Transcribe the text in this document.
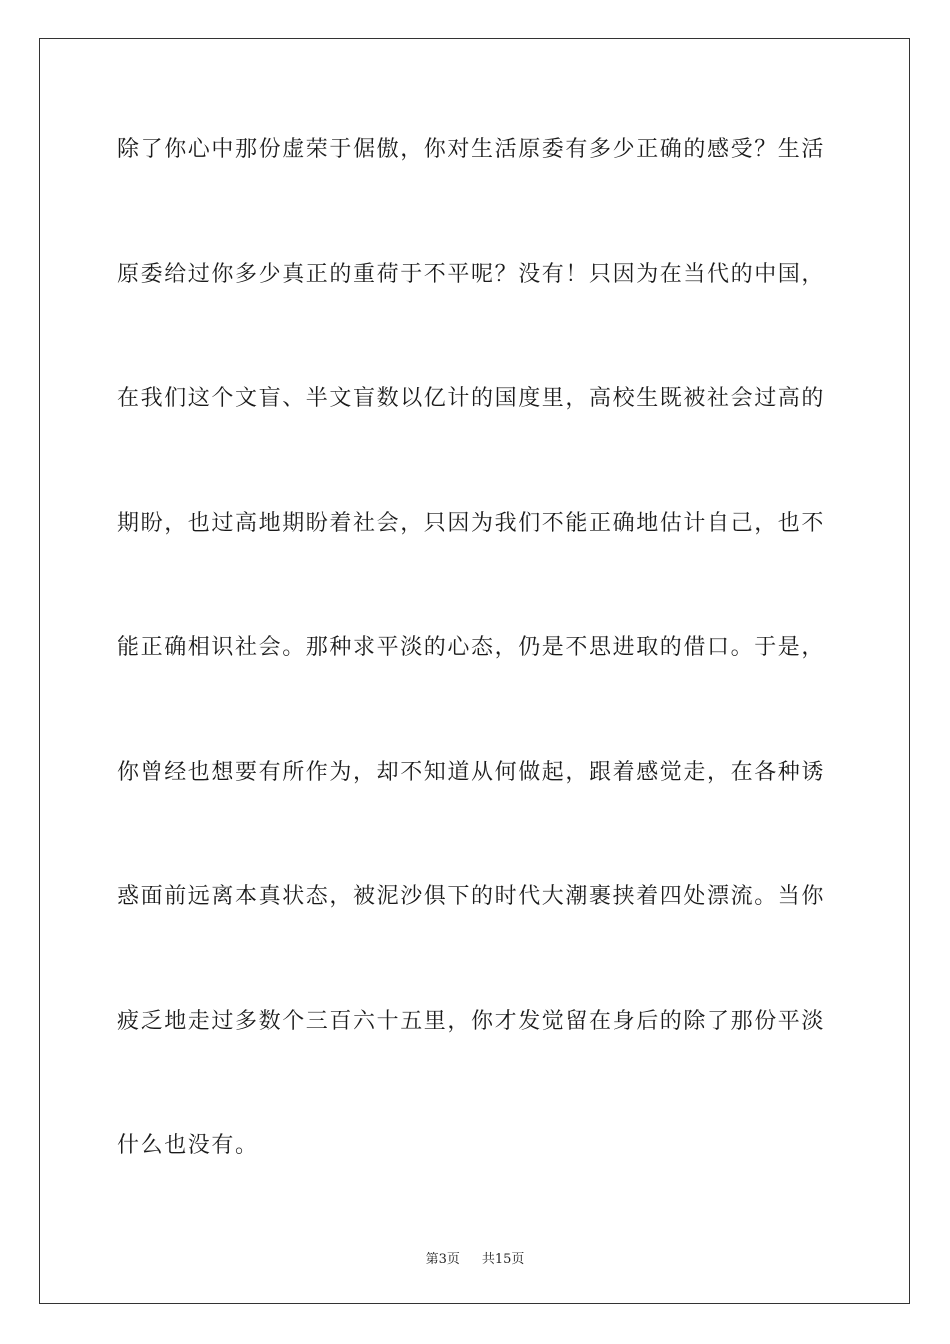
除了你心中那份虚荣于倨傲，你对生活原委有多少正确的感受？生活
原委给过你多少真正的重荷于不平呢？没有！只因为在当代的中国，
在我们这个文盲、半文盲数以亿计的国度里，高校生既被社会过高的
期盼，也过高地期盼着社会，只因为我们不能正确地估计自己，也不
能正确相识社会。那种求平淡的心态，仍是不思进取的借口。于是，
你曾经也想要有所作为，却不知道从何做起，跟着感觉走，在各种诱
惑面前远离本真状态，被泥沙俱下的时代大潮裹挟着四处漂流。当你
疲乏地走过多数个三百六十五里，你才发觉留在身后的除了那份平淡
什么也没有。
第3页 共15页
